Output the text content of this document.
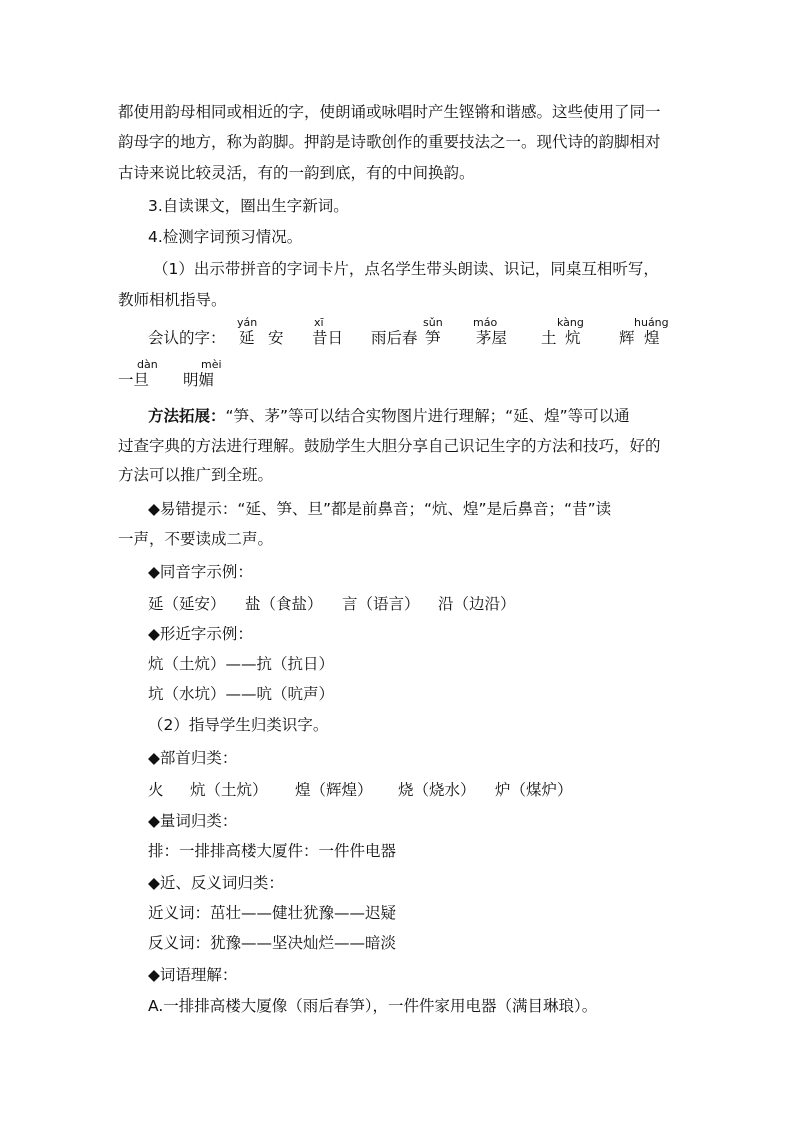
都使用韵母相同或相近的字，使朗诵或咏唱时产生铿锵和谐感。这些使用了同一
韵母字的地方，称为韵脚。押韵是诗歌创作的重要技法之一。现代诗的韵脚相对
古诗来说比较灵活，有的一韵到底，有的中间换韵。
3.自读课文，圈出生字新词。
4.检测字词预习情况。
（1）出示带拼音的字词卡片，点名学生带头朗读、识记，同桌互相听写，
教师相机指导。
会认的字：
yán
延 安
xī
昔日 雨后春
sǔn
笋
máo
茅屋 土
kàng
炕 辉
huáng
煌
dàn
一旦
mèi
明媚
方法拓展：“笋、茅”等可以结合实物图片进行理解；“延、煌”等可以通
过查字典的方法进行理解。鼓励学生大胆分享自己识记生字的方法和技巧，好的
方法可以推广到全班。
◆易错提示：“延、笋、旦”都是前鼻音；“炕、煌”是后鼻音；“昔”读
一声，不要读成二声。
◆同音字示例：
延（延安） 盐（食盐） 言（语言） 沿（边沿）
◆形近字示例：
炕（土炕）——抗（抗日）
坑（水坑）——吭（吭声）
（2）指导学生归类识字。
◆部首归类：
火 炕（土炕） 煌（辉煌） 烧（烧水） 炉（煤炉）
◆量词归类：
排：一排排高楼大厦件：一件件电器
◆近、反义词归类：
近义词：茁壮——健壮犹豫——迟疑
反义词：犹豫——坚决灿烂——暗淡
◆词语理解：
A.一排排高楼大厦像（雨后春笋），一件件家用电器（满目琳琅）。
